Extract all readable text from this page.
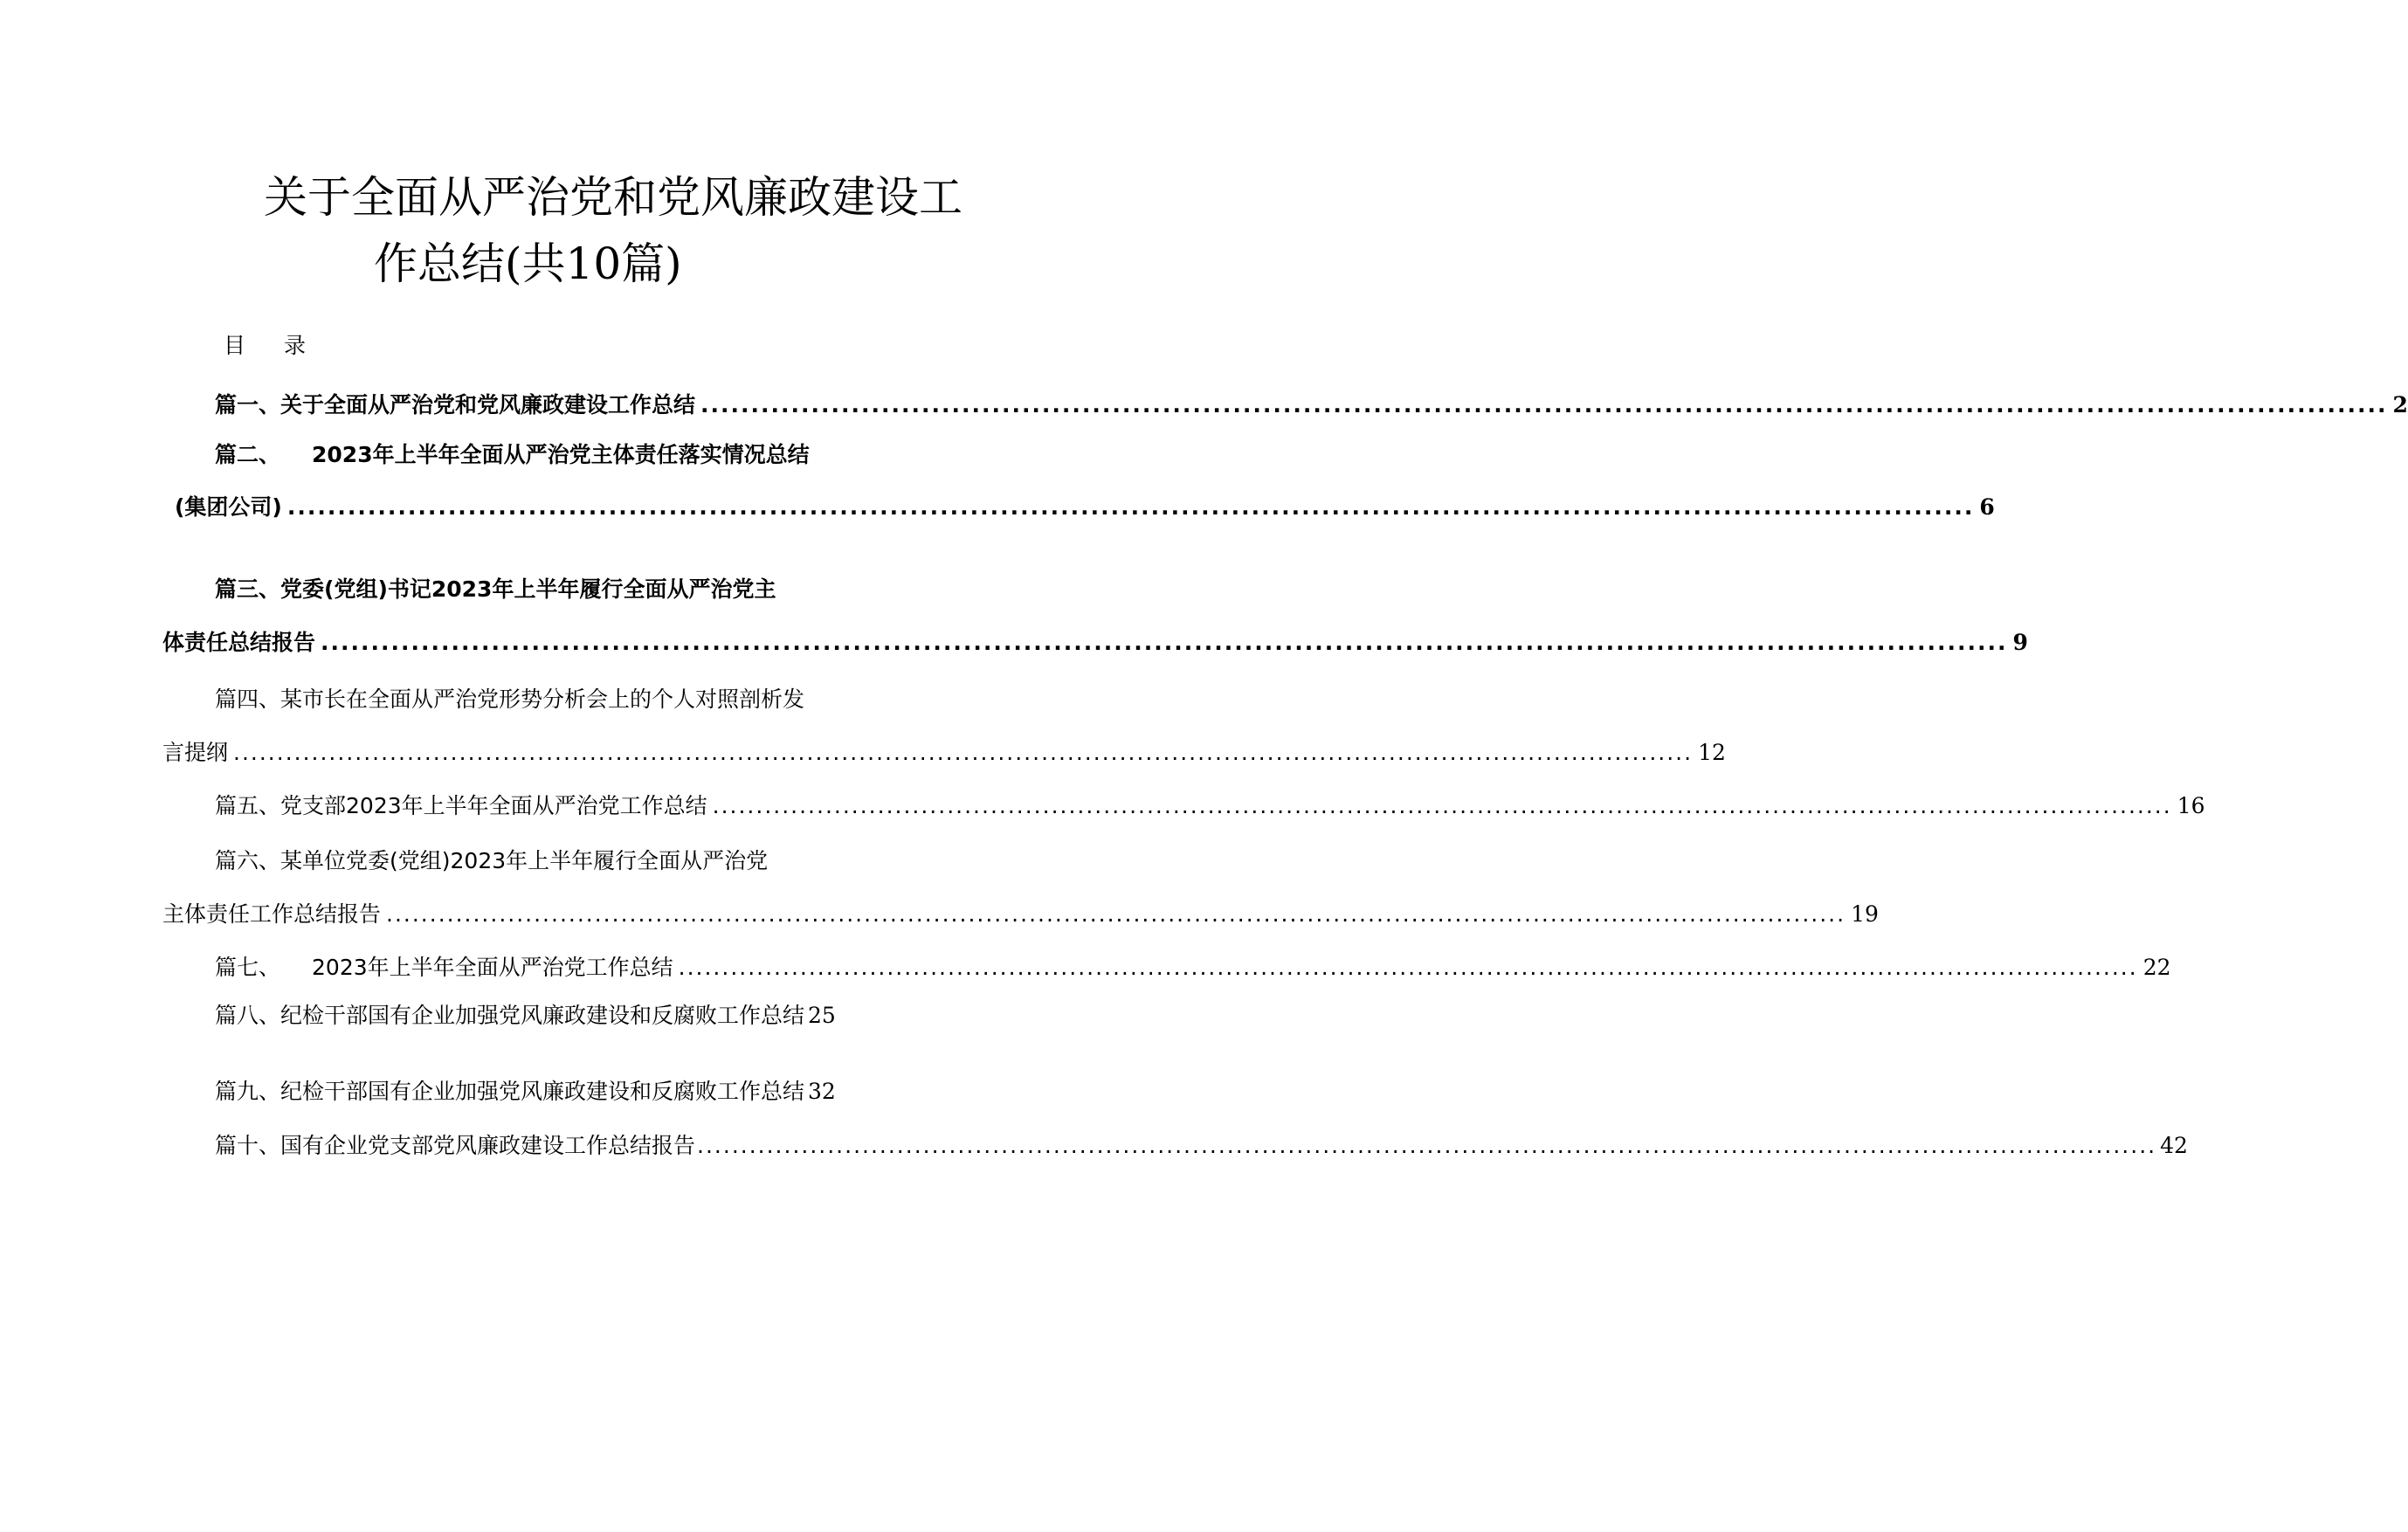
关于全面从严治党和党风廉政建设工
作总结(共10篇)
目 录
篇一、 关于全面从严治党和党风廉政建设工作总结 ........................................................................................................................................................................ 2
篇二、 2023年上半年全面从严治党主体责任落实情况总结
(集团公司) ........................................................................................................................................................................ 6
篇三、 党委(党组)书记2023年上半年履行全面从严治党主
体责任总结报告 ........................................................................................................................................................................ 9
篇四、 某市长在全面从严治党形势分析会上的个人对照剖析发
言提纲 ........................................................................................................................................................................ 12
篇五、 党支部2023年上半年全面从严治党工作总结 ........................................................................................................................................................................ 16
篇六、 某单位党委(党组)2023年上半年履行全面从严治党
主体责任工作总结报告 ........................................................................................................................................................................ 19
篇七、 2023年上半年全面从严治党工作总结 ........................................................................................................................................................................ 22
篇八、 纪检干部国有企业加强党风廉政建设和反腐败工作总结 25
篇九、 纪检干部国有企业加强党风廉政建设和反腐败工作总结 32
篇十、 国有企业党支部党风廉政建设工作总结报告 ........................................................................................................................................................................ 42
